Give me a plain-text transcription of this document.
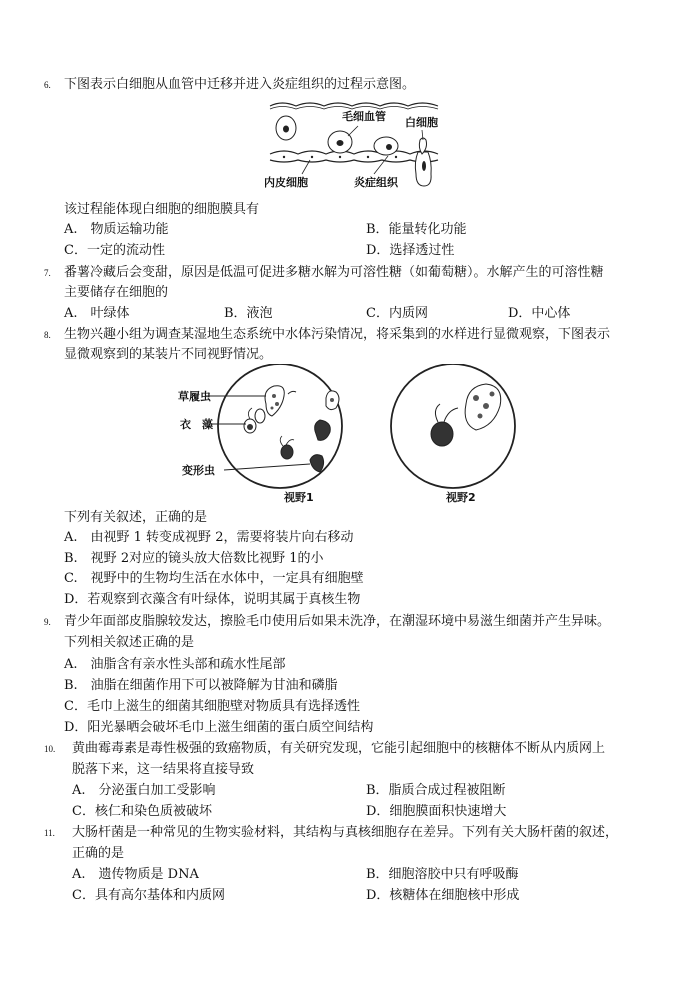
6. 下图表示白细胞从血管中迁移并进入炎症组织的过程示意图。
毛细血管 白细胞
内皮细胞	炎症组织
该过程能体现白细胞的细胞膜具有
A.　物质运输功能	B．能量转化功能
C．一定的流动性	D．选择透过性
7. 番薯冷藏后会变甜，原因是低温可促进多糖水解为可溶性糖（如葡萄糖）。水解产生的可溶性糖
主要储存在细胞的
A.　叶绿体	B．液泡	C．内质网	D．中心体
8. 生物兴趣小组为调查某湿地生态系统中水体污染情况，将采集到的水样进行显微观察，下图表示
显微观察到的某装片不同视野情况。
草履虫
衣　藻
变形虫
视野1	视野2
下列有关叙述，正确的是
A.　由视野 1 转变成视野 2，需要将装片向右移动
B.　视野 2对应的镜头放大倍数比视野 1的小
C.　视野中的生物均生活在水体中，一定具有细胞壁
D．若观察到衣藻含有叶绿体，说明其属于真核生物
9. 青少年面部皮脂腺较发达，擦脸毛巾使用后如果未洗净，在潮湿环境中易滋生细菌并产生异味。
下列相关叙述正确的是
A.　油脂含有亲水性头部和疏水性尾部
B.　油脂在细菌作用下可以被降解为甘油和磷脂
C．毛巾上滋生的细菌其细胞壁对物质具有选择透性
D．阳光暴晒会破坏毛巾上滋生细菌的蛋白质空间结构
10. 黄曲霉毒素是毒性极强的致癌物质，有关研究发现，它能引起细胞中的核糖体不断从内质网上
脱落下来，这一结果将直接导致
A.　分泌蛋白加工受影响	B．脂质合成过程被阻断
C．核仁和染色质被破坏	D．细胞膜面积快速增大
11. 大肠杆菌是一种常见的生物实验材料，其结构与真核细胞存在差异。下列有关大肠杆菌的叙述，
正确的是
A.　遗传物质是 DNA	B．细胞溶胶中只有呼吸酶
C．具有高尔基体和内质网	D．核糖体在细胞核中形成
